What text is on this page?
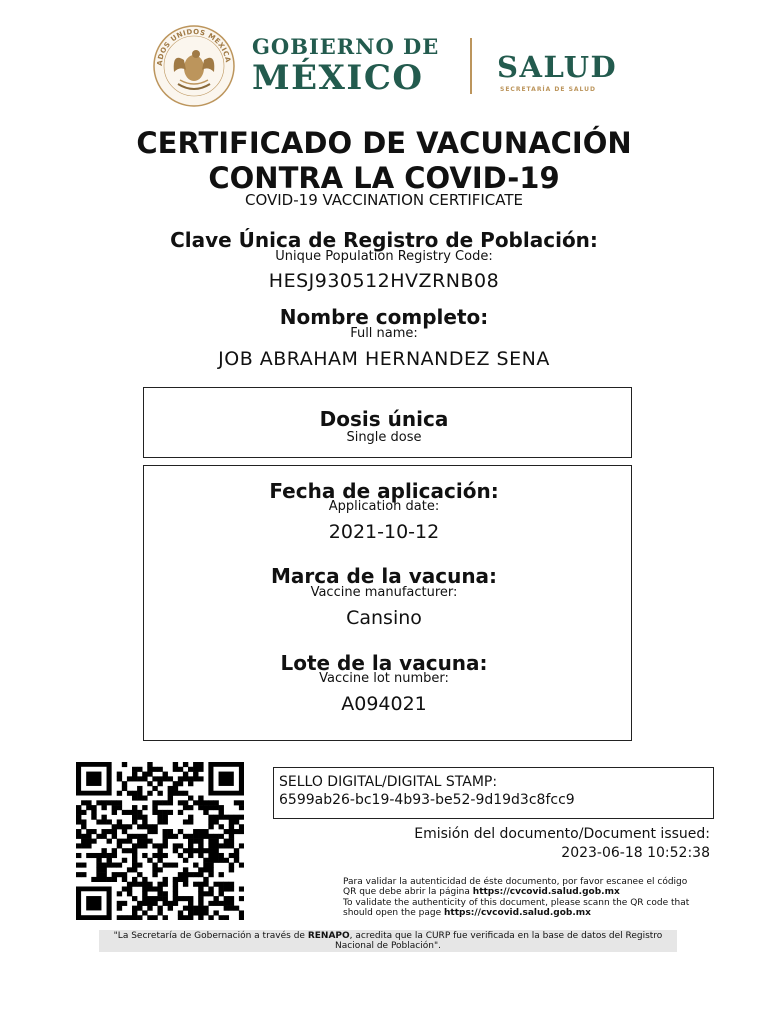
ADOS UNIDOS MEXICA
GOBIERNO DE
MÉXICO	SALUD
SECRETARÍA DE SALUD
CERTIFICADO DE VACUNACIÓN
CONTRA LA COVID-19
COVID-19 VACCINATION CERTIFICATE
Clave Única de Registro de Población:
Unique Population Registry Code:
HESJ930512HVZRNB08
Nombre completo:
Full name:
JOB ABRAHAM HERNANDEZ SENA
Dosis única
Single dose
Fecha de aplicación:
Application date:
2021-10-12
Marca de la vacuna:
Vaccine manufacturer:
Cansino
Lote de la vacuna:
Vaccine lot number:
A094021
SELLO DIGITAL/DIGITAL STAMP:
6599ab26-bc19-4b93-be52-9d19d3c8fcc9
Emisión del documento/Document issued:
2023-06-18 10:52:38
Para validar la autenticidad de éste documento, por favor escanee el código QR que debe abrir la página https://cvcovid.salud.gob.mx
To validate the authenticity of this document, please scann the QR code that should open the page https://cvcovid.salud.gob.mx
"La Secretaría de Gobernación a través de RENAPO, acredita que la CURP fue verificada en la base de datos del Registro Nacional de Población".
